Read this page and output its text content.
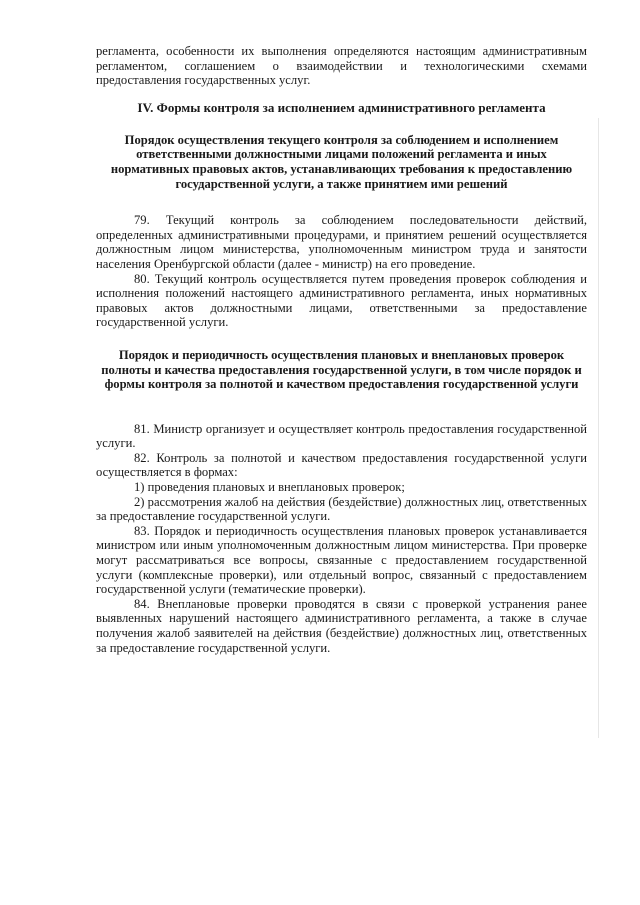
регламента, особенности их выполнения определяются настоящим административным регламентом, соглашением о взаимодействии и технологическими схемами предоставления государственных услуг.

IV. Формы контроля за исполнением административного регламента
Порядок осуществления текущего контроля за соблюдением и исполнением ответственными должностными лицами положений регламента и иных нормативных правовых актов, устанавливающих требования к предоставлению государственной услуги, а также принятием ими решений

79. Текущий контроль за соблюдением последовательности действий, определенных административными процедурами, и принятием решений осуществляется должностным лицом министерства, уполномоченным министром труда и занятости населения Оренбургской области (далее - министр) на его проведение.

80. Текущий контроль осуществляется путем проведения проверок соблюдения и исполнения положений настоящего административного регламента, иных нормативных правовых актов должностными лицами, ответственными за предоставление государственной услуги.

Порядок и периодичность осуществления плановых и внеплановых проверок полноты и качества предоставления государственной услуги, в том числе порядок и формы контроля за полнотой и качеством предоставления государственной услуги

81. Министр организует и осуществляет контроль предоставления государственной услуги.

82. Контроль за полнотой и качеством предоставления государственной услуги осуществляется в формах:

1) проведения плановых и внеплановых проверок;

2) рассмотрения жалоб на действия (бездействие) должностных лиц, ответственных за предоставление государственной услуги.

83. Порядок и периодичность осуществления плановых проверок устанавливается министром или иным уполномоченным должностным лицом министерства. При проверке могут рассматриваться все вопросы, связанные с предоставлением государственной услуги (комплексные проверки), или отдельный вопрос, связанный с предоставлением государственной услуги (тематические проверки).

84. Внеплановые проверки проводятся в связи с проверкой устранения ранее выявленных нарушений настоящего административного регламента, а также в случае получения жалоб заявителей на действия (бездействие) должностных лиц, ответственных за предоставление государственной услуги.
